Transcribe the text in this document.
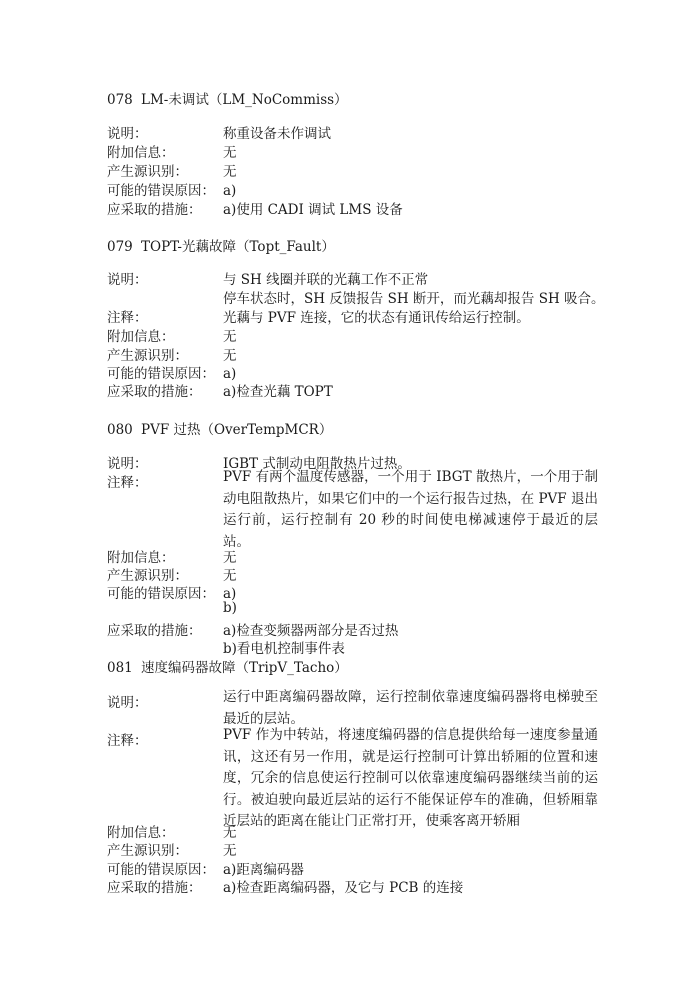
078 LM-未调试（LM_NoCommiss）
说明：	称重设备未作调试
附加信息：	无
产生源识别：	无
可能的错误原因： a)
应采取的措施： a)使用 CADI 调试 LMS 设备
079 TOPT-光藕故障（Topt_Fault）
说明：	与 SH 线圈并联的光藕工作不正常
停车状态时，SH 反馈报告 SH 断开，而光藕却报告 SH 吸合。
注释：	光藕与 PVF 连接，它的状态有通讯传给运行控制。
附加信息：	无
产生源识别：	无
可能的错误原因： a)
应采取的措施： a)检查光藕 TOPT
080 PVF 过热（OverTempMCR）
说明：	IGBT 式制动电阻散热片过热。
注释：	PVF 有两个温度传感器，一个用于 IBGT 散热片，一个用于制动电阻散热片，如果它们中的一个运行报告过热，在 PVF 退出运行前，运行控制有 20 秒的时间使电梯减速停于最近的层站。
附加信息：	无
产生源识别：	无
可能的错误原因： a)
b)
应采取的措施： a)检查变频器两部分是否过热
b)看电机控制事件表
081 速度编码器故障（TripV_Tacho）
说明：	运行中距离编码器故障，运行控制依靠速度编码器将电梯驶至最近的层站。
注释：	PVF 作为中转站，将速度编码器的信息提供给每一速度参量通讯，这还有另一作用，就是运行控制可计算出轿厢的位置和速度，冗余的信息使运行控制可以依靠速度编码器继续当前的运行。被迫驶向最近层站的运行不能保证停车的准确，但轿厢靠近层站的距离在能让门正常打开，使乘客离开轿厢
附加信息：	无
产生源识别：	无
可能的错误原因： a)距离编码器
应采取的措施： a)检查距离编码器，及它与 PCB 的连接
